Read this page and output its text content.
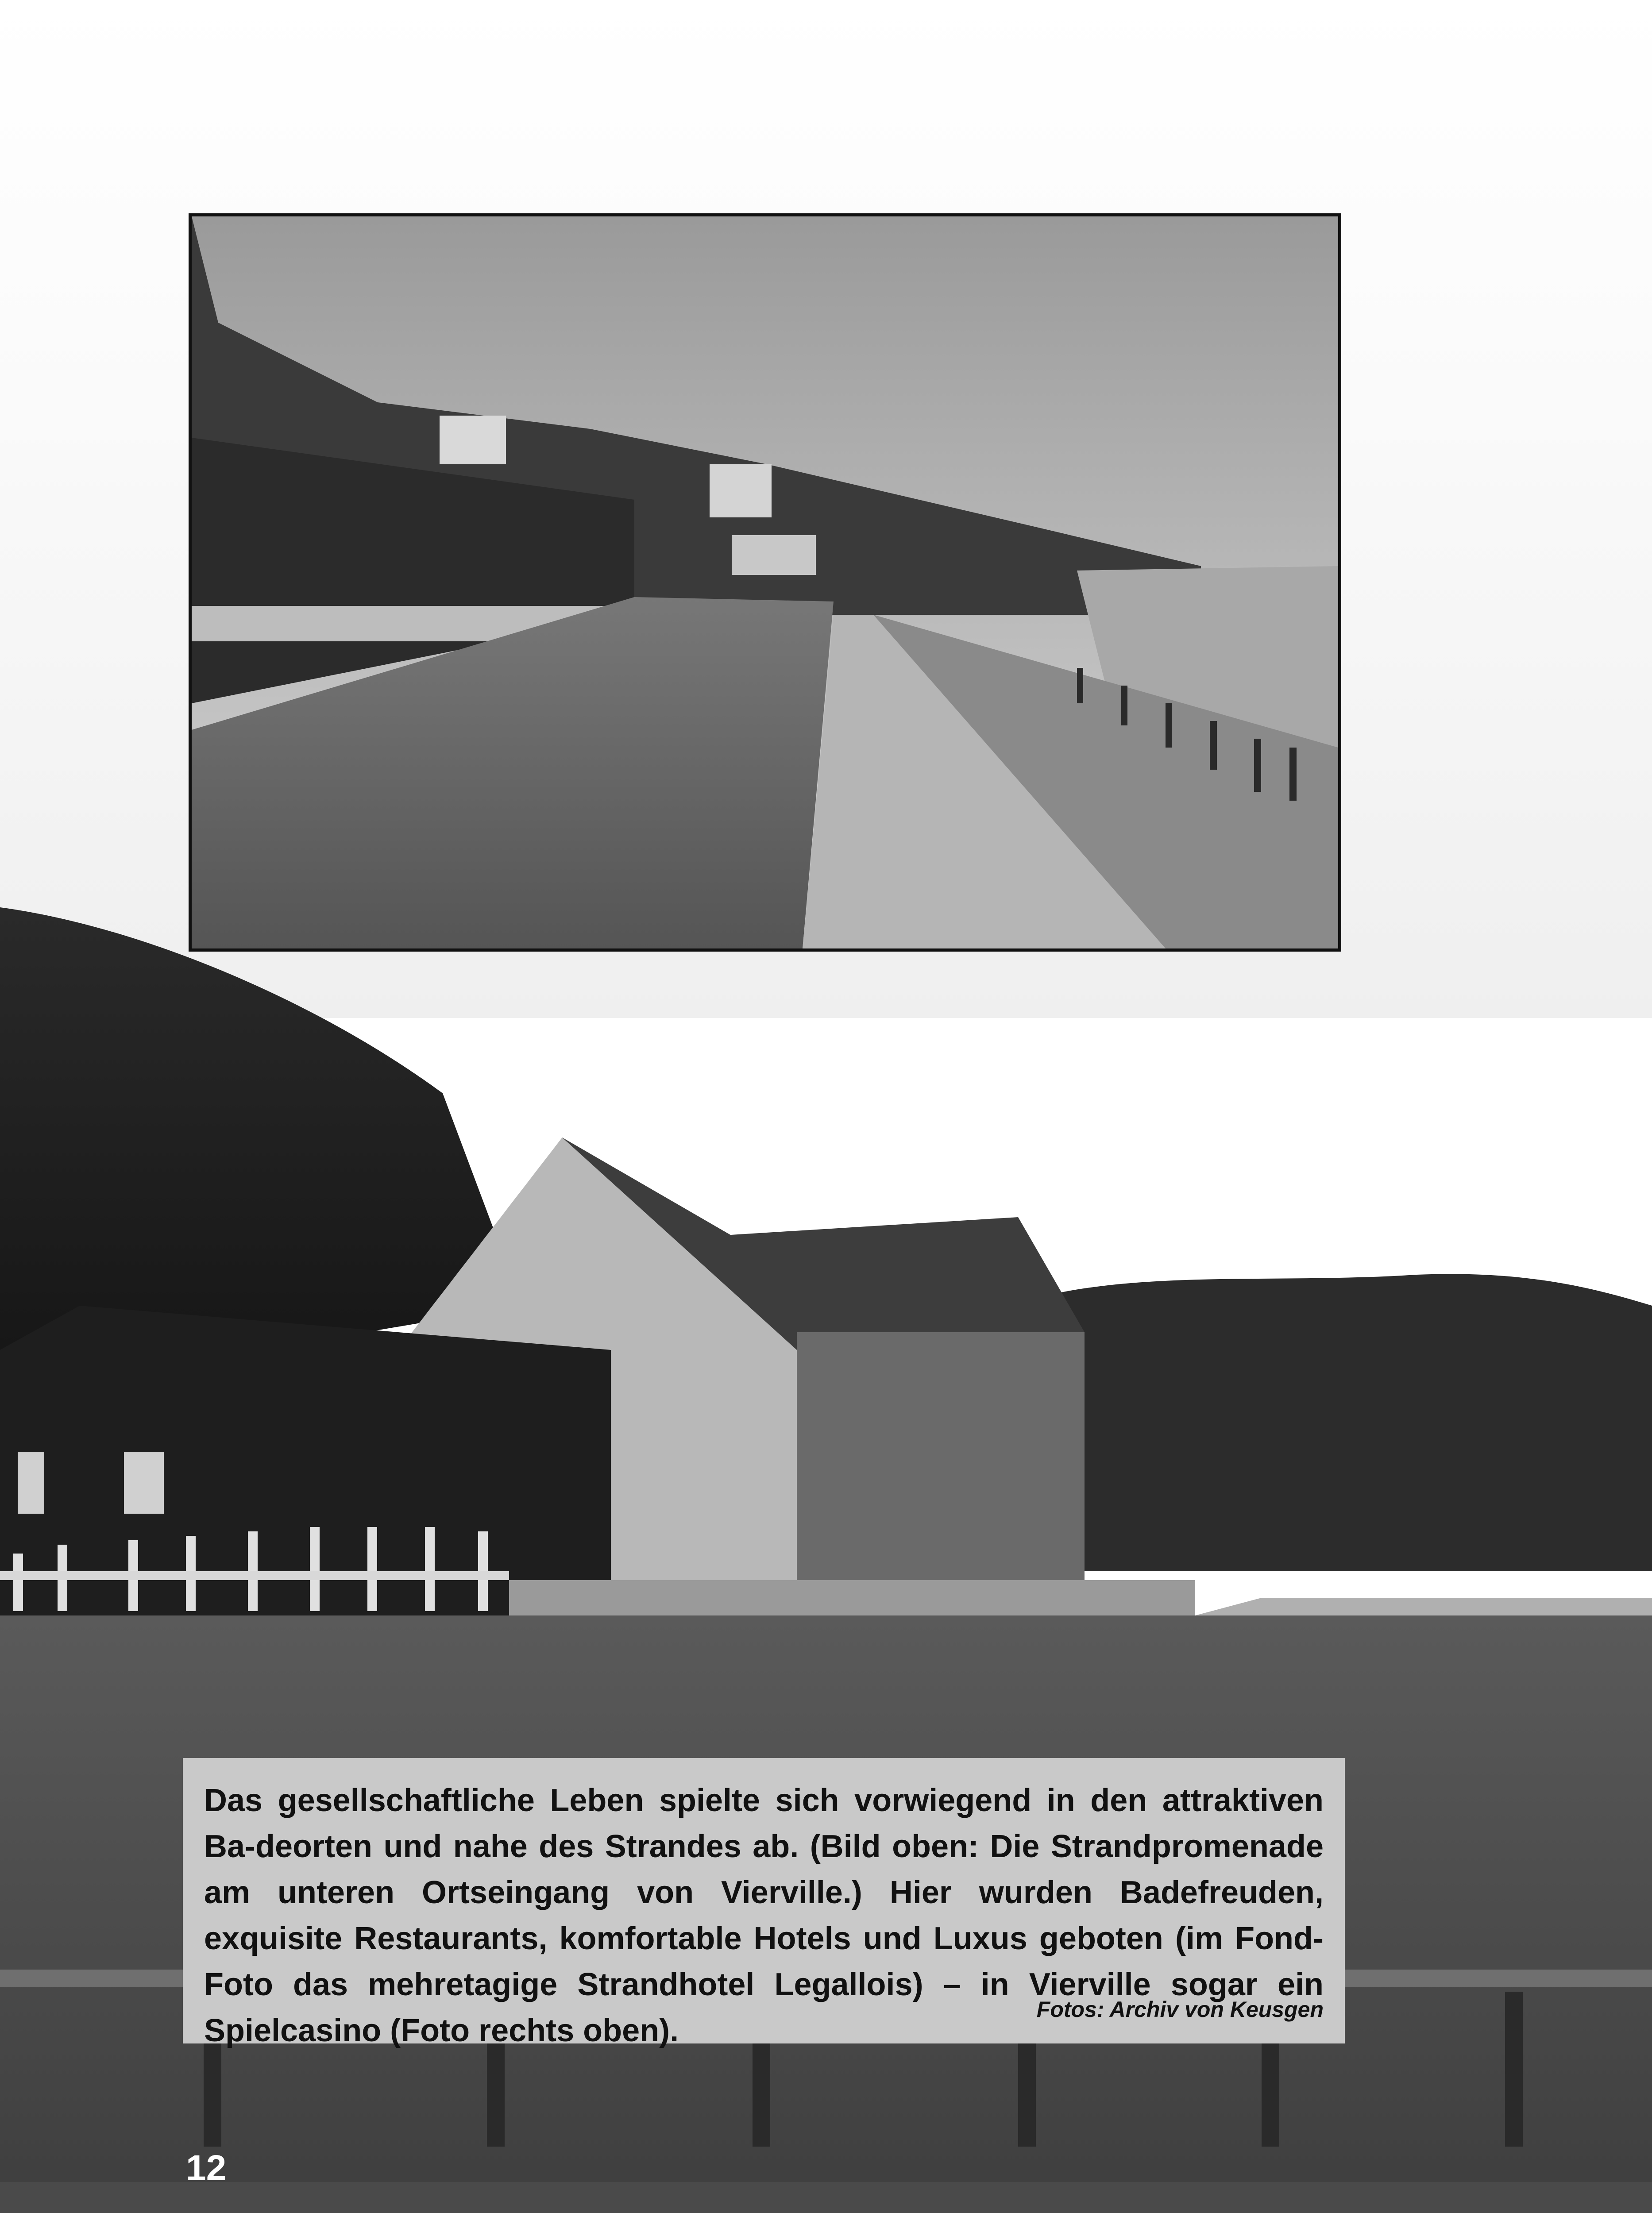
Das gesellschaftliche Leben spielte sich vorwiegend in den attraktiven Ba-deorten und nahe des Strandes ab. (Bild oben: Die Strandpromenade am unteren Ortseingang von Vierville.) Hier wurden Badefreuden, exquisite Restaurants, komfortable Hotels und Luxus geboten (im Fond-Foto das mehretagige Strandhotel Legallois) – in Vierville sogar ein Spielcasino (Foto rechts oben).

Fotos: Archiv von Keusgen
12
